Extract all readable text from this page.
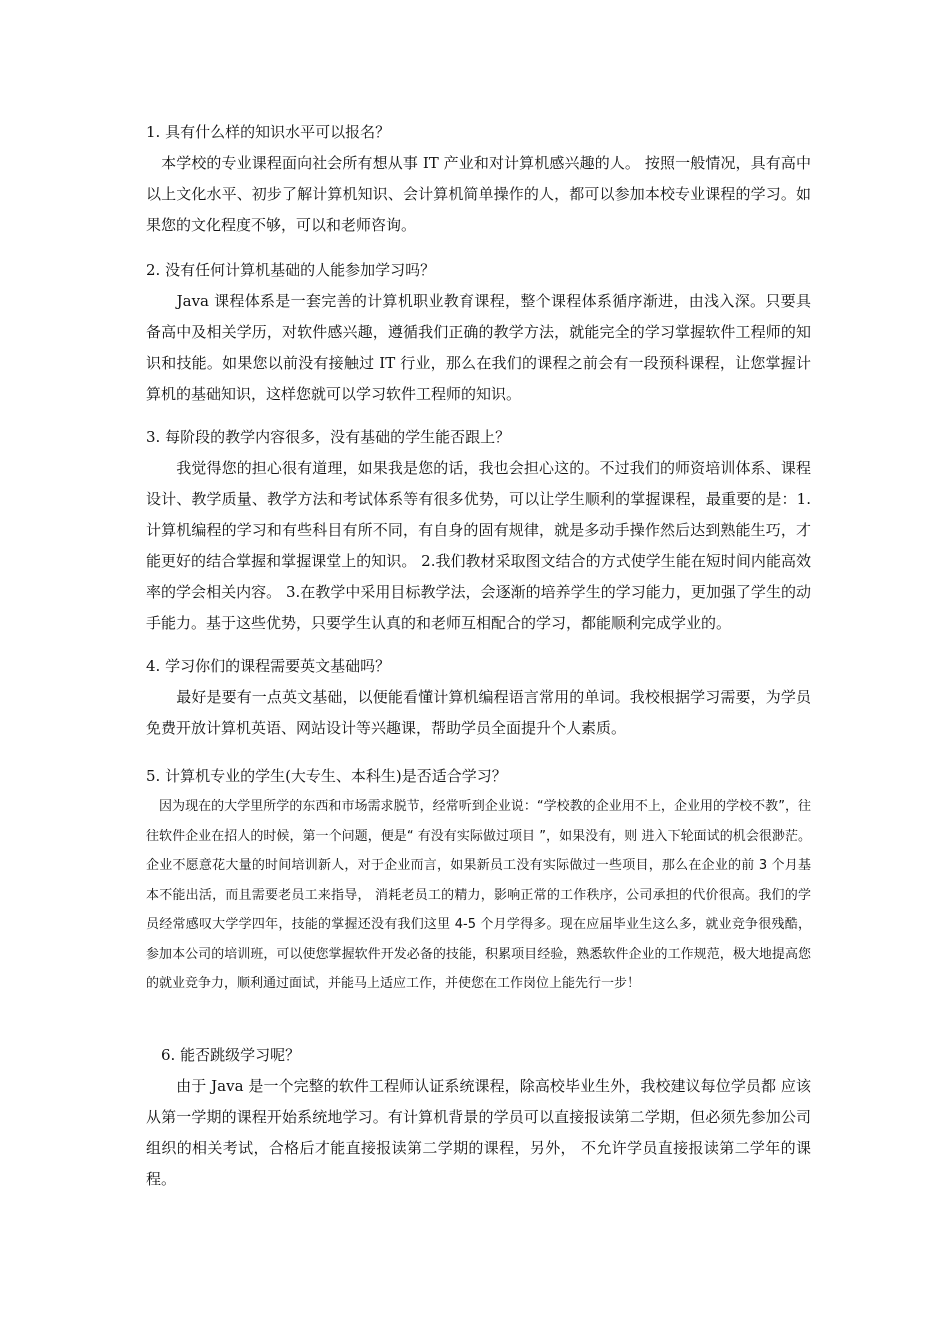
1. 具有什么样的知识水平可以报名？

　本学校的专业课程面向社会所有想从事 IT 产业和对计算机感兴趣的人。 按照一般情况，具有高中以上文化水平、初步了解计算机知识、会计算机简单操作的人，都可以参加本校专业课程的学习。如果您的文化程度不够，可以和老师咨询。

2. 没有任何计算机基础的人能参加学习吗？

　　Java 课程体系是一套完善的计算机职业教育课程，整个课程体系循序渐进，由浅入深。只要具备高中及相关学历，对软件感兴趣，遵循我们正确的教学方法，就能完全的学习掌握软件工程师的知识和技能。如果您以前没有接触过 IT 行业，那么在我们的课程之前会有一段预科课程，让您掌握计算机的基础知识，这样您就可以学习软件工程师的知识。

3. 每阶段的教学内容很多，没有基础的学生能否跟上？

　　我觉得您的担心很有道理，如果我是您的话，我也会担心这的。不过我们的师资培训体系、课程设计、教学质量、教学方法和考试体系等有很多优势，可以让学生顺利的掌握课程，最重要的是：1.计算机编程的学习和有些科目有所不同，有自身的固有规律，就是多动手操作然后达到熟能生巧，才能更好的结合掌握和掌握课堂上的知识。 2.我们教材采取图文结合的方式使学生能在短时间内能高效率的学会相关内容。 3.在教学中采用目标教学法，会逐渐的培养学生的学习能力，更加强了学生的动手能力。基于这些优势，只要学生认真的和老师互相配合的学习，都能顺利完成学业的。

4. 学习你们的课程需要英文基础吗？

　　最好是要有一点英文基础，以便能看懂计算机编程语言常用的单词。我校根据学习需要，为学员免费开放计算机英语、网站设计等兴趣课，帮助学员全面提升个人素质。

5. 计算机专业的学生(大专生、本科生)是否适合学习？

　因为现在的大学里所学的东西和市场需求脱节，经常听到企业说：“学校教的企业用不上，企业用的学校不教”，往往软件企业在招人的时候，第一个问题，便是“ 有没有实际做过项目 ”，如果没有，则 进入下轮面试的机会很渺茫。企业不愿意花大量的时间培训新人，对于企业而言，如果新员工没有实际做过一些项目，那么在企业的前 3 个月基本不能出活，而且需要老员工来指导， 消耗老员工的精力，影响正常的工作秩序，公司承担的代价很高。我们的学员经常感叹大学学四年，技能的掌握还没有我们这里 4-5 个月学得多。现在应届毕业生这么多，就业竞争很残酷，参加本公司的培训班，可以使您掌握软件开发必备的技能，积累项目经验，熟悉软件企业的工作规范，极大地提高您的就业竞争力，顺利通过面试，并能马上适应工作，并使您在工作岗位上能先行一步！

　6. 能否跳级学习呢？

　　由于 Java 是一个完整的软件工程师认证系统课程，除高校毕业生外，我校建议每位学员都 应该从第一学期的课程开始系统地学习。有计算机背景的学员可以直接报读第二学期，但必须先参加公司组织的相关考试，合格后才能直接报读第二学期的课程，另外， 不允许学员直接报读第二学年的课程。
